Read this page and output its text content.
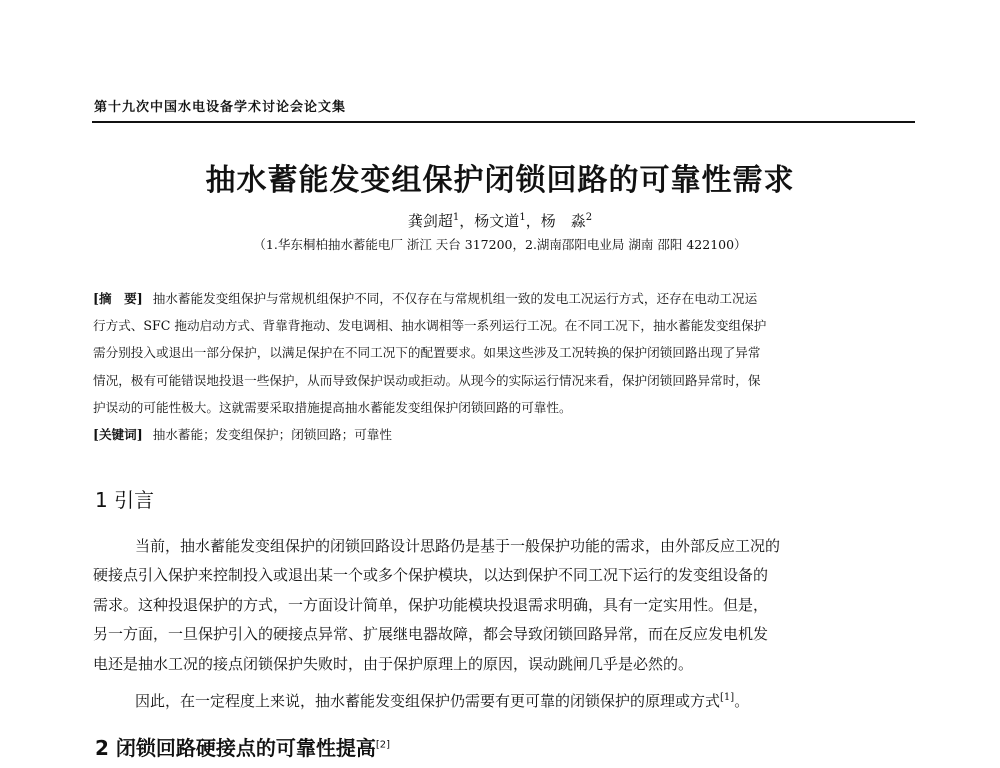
第十九次中国水电设备学术讨论会论文集
抽水蓄能发变组保护闭锁回路的可靠性需求
龚剑超$^1$，杨文道$^1$，杨　淼$^2$
（1.华东桐柏抽水蓄能电厂 浙江 天台 317200，2.湖南邵阳电业局 湖南 邵阳 422100）
[摘　要] 抽水蓄能发变组保护与常规机组保护不同，不仅存在与常规机组一致的发电工况运行方式，还存在电动工况运
行方式、SFC 拖动启动方式、背靠背拖动、发电调相、抽水调相等一系列运行工况。在不同工况下，抽水蓄能发变组保护
需分别投入或退出一部分保护，以满足保护在不同工况下的配置要求。如果这些涉及工况转换的保护闭锁回路出现了异常
情况，极有可能错误地投退一些保护，从而导致保护误动或拒动。从现今的实际运行情况来看，保护闭锁回路异常时，保
护误动的可能性极大。这就需要采取措施提高抽水蓄能发变组保护闭锁回路的可靠性。
[关键词] 抽水蓄能；发变组保护；闭锁回路；可靠性
1 引言
当前，抽水蓄能发变组保护的闭锁回路设计思路仍是基于一般保护功能的需求，由外部反应工况的
硬接点引入保护来控制投入或退出某一个或多个保护模块，以达到保护不同工况下运行的发变组设备的
需求。这种投退保护的方式，一方面设计简单，保护功能模块投退需求明确，具有一定实用性。但是，
另一方面，一旦保护引入的硬接点异常、扩展继电器故障，都会导致闭锁回路异常，而在反应发电机发
电还是抽水工况的接点闭锁保护失败时，由于保护原理上的原因，误动跳闸几乎是必然的。
因此，在一定程度上来说，抽水蓄能发变组保护仍需要有更可靠的闭锁保护的原理或方式[1]。
2 闭锁回路硬接点的可靠性提高[2]
